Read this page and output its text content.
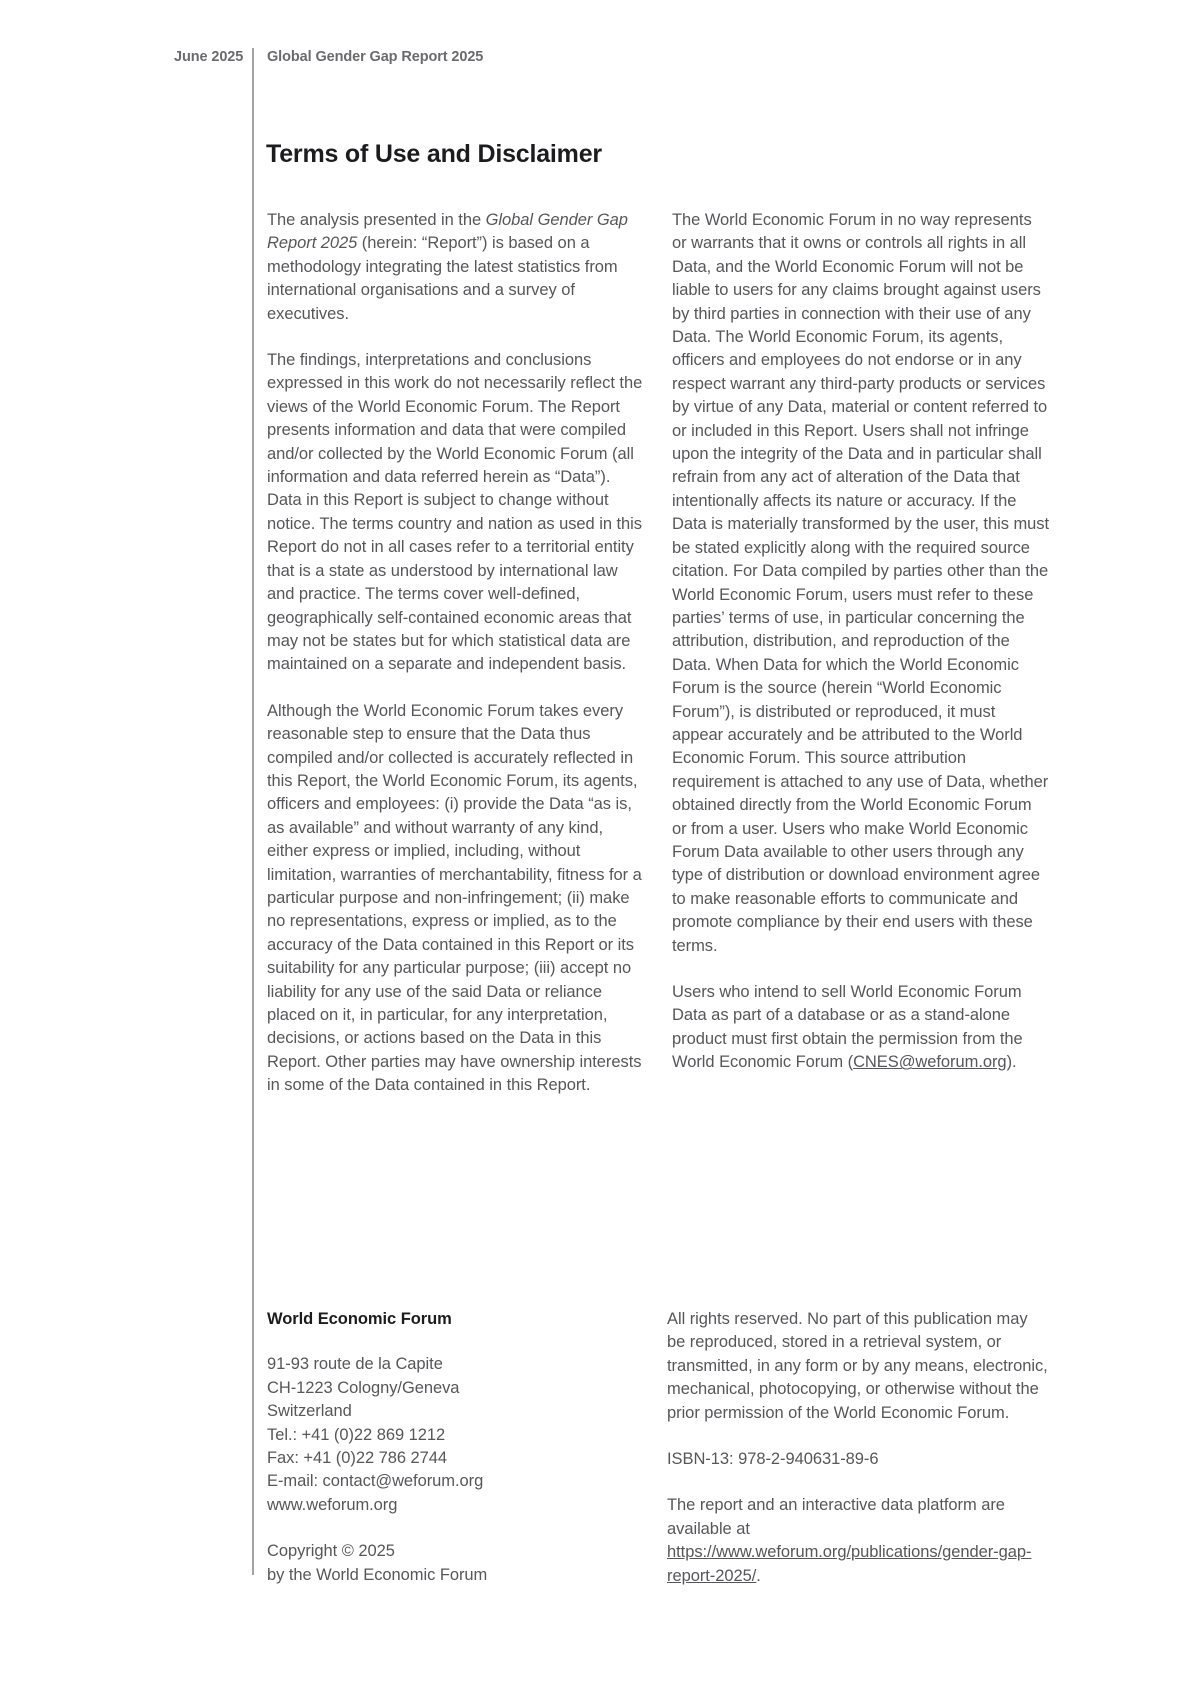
June 2025 Global Gender Gap Report 2025
Terms of Use and Disclaimer

The analysis presented in the Global Gender Gap Report 2025 (herein: “Report”) is based on a methodology integrating the latest statistics from international organisations and a survey of executives.

The findings, interpretations and conclusions expressed in this work do not necessarily reflect the views of the World Economic Forum. The Report presents information and data that were compiled and/or collected by the World Economic Forum (all information and data referred herein as “Data”). Data in this Report is subject to change without notice. The terms country and nation as used in this Report do not in all cases refer to a territorial entity that is a state as understood by international law and practice. The terms cover well-defined, geographically self-contained economic areas that may not be states but for which statistical data are maintained on a separate and independent basis.

Although the World Economic Forum takes every reasonable step to ensure that the Data thus compiled and/or collected is accurately reflected in this Report, the World Economic Forum, its agents, officers and employees: (i) provide the Data “as is, as available” and without warranty of any kind, either express or implied, including, without limitation, warranties of merchantability, fitness for a particular purpose and non-infringement; (ii) make no representations, express or implied, as to the accuracy of the Data contained in this Report or its suitability for any particular purpose; (iii) accept no liability for any use of the said Data or reliance placed on it, in particular, for any interpretation, decisions, or actions based on the Data in this Report. Other parties may have ownership interests in some of the Data contained in this Report.

The World Economic Forum in no way represents or warrants that it owns or controls all rights in all Data, and the World Economic Forum will not be liable to users for any claims brought against users by third parties in connection with their use of any Data. The World Economic Forum, its agents, officers and employees do not endorse or in any respect warrant any third-party products or services by virtue of any Data, material or content referred to or included in this Report. Users shall not infringe upon the integrity of the Data and in particular shall refrain from any act of alteration of the Data that intentionally affects its nature or accuracy. If the Data is materially transformed by the user, this must be stated explicitly along with the required source citation. For Data compiled by parties other than the World Economic Forum, users must refer to these parties’ terms of use, in particular concerning the attribution, distribution, and reproduction of the Data. When Data for which the World Economic Forum is the source (herein “World Economic Forum”), is distributed or reproduced, it must appear accurately and be attributed to the World Economic Forum. This source attribution requirement is attached to any use of Data, whether obtained directly from the World Economic Forum or from a user. Users who make World Economic Forum Data available to other users through any type of distribution or download environment agree to make reasonable efforts to communicate and promote compliance by their end users with these terms.

Users who intend to sell World Economic Forum Data as part of a database or as a stand-alone product must first obtain the permission from the World Economic Forum (CNES@weforum.org).

World Economic Forum
91-93 route de la Capite
CH-1223 Cologny/Geneva
Switzerland
Tel.: +41 (0)22 869 1212
Fax: +41 (0)22 786 2744
E-mail: contact@weforum.org
www.weforum.org
Copyright © 2025
by the World Economic Forum

All rights reserved. No part of this publication may be reproduced, stored in a retrieval system, or transmitted, in any form or by any means, electronic, mechanical, photocopying, or otherwise without the prior permission of the World Economic Forum.

ISBN-13: 978-2-940631-89-6

The report and an interactive data platform are available at https://www.weforum.org/publications/gender-gap-report-2025/.
